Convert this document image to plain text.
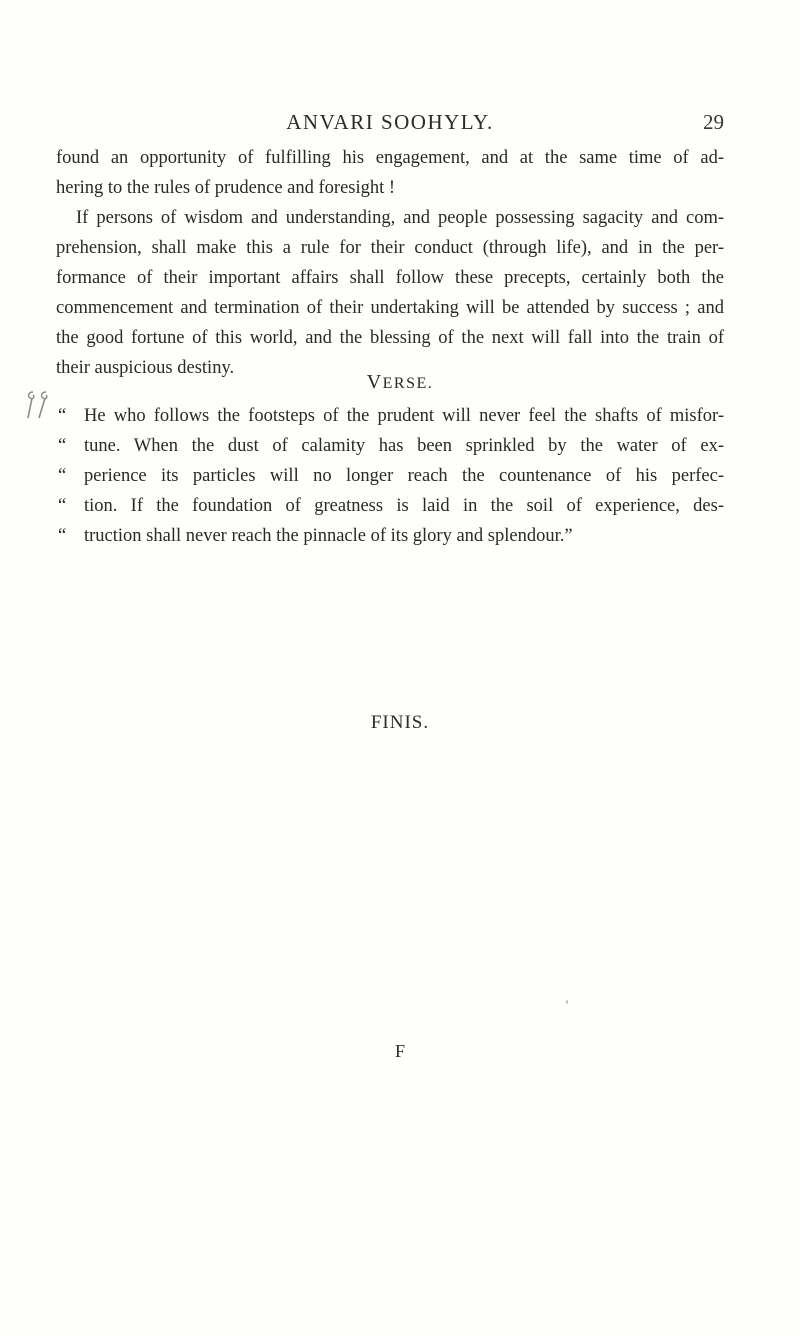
ANVARI SOOHYLY.	29
found an opportunity of fulfilling his engagement, and at the same time of ad-
hering to the rules of prudence and foresight !
If persons of wisdom and understanding, and people possessing sagacity and com-
prehension, shall make this a rule for their conduct (through life), and in the per-
formance of their important affairs shall follow these precepts, certainly both the
commencement and termination of their undertaking will be attended by success ; and
the good fortune of this world, and the blessing of the next will fall into the train of
their auspicious destiny.
VERSE.
“ He who follows the footsteps of the prudent will never feel the shafts of misfor-
“ tune. When the dust of calamity has been sprinkled by the water of ex-
“ perience its particles will no longer reach the countenance of his perfec-
“ tion. If the foundation of greatness is laid in the soil of experience, des-
“ truction shall never reach the pinnacle of its glory and splendour.”
FINIS.
F
